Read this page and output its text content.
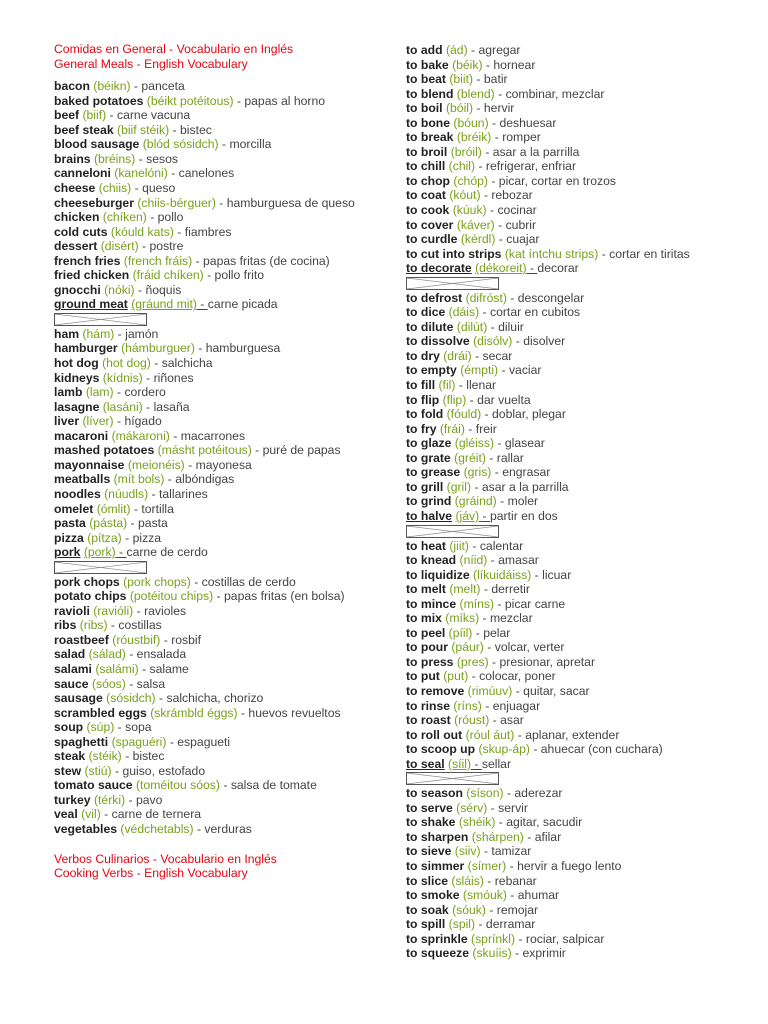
Comidas en General - Vocabulario en Inglés
General Meals - English Vocabulary
bacon (béikn) - panceta
baked potatoes (béikt potéitous) - papas al horno
beef (biif) - carne vacuna
beef steak (biif stéik) - bistec
blood sausage (blód sósidch) - morcilla
brains (bréins) - sesos
canneloni (kanelóni) - canelones
cheese (chiis) - queso
cheeseburger (chiis-bérguer) - hamburguesa de queso
chicken (chíken) - pollo
cold cuts (kóuld kats) - fiambres
dessert (disért) - postre
french fries (french fráis) - papas fritas (de cocina)
fried chicken (fráid chíken) - pollo frito
gnocchi (nóki) - ñoquis
ground meat (gráund mit) - carne picada
ham (hám) - jamón
hamburger (hámburguer) - hamburguesa
hot dog (hot dog) - salchicha
kidneys (kídnis) - riñones
lamb (lam) - cordero
lasagne (lasáni) - lasaña
liver (líver) - hígado
macaroni (mákaroni) - macarrones
mashed potatoes (másht potéitous) - puré de papas
mayonnaise (meionéis) - mayonesa
meatballs (mít bols) - albóndigas
noodles (núudls) - tallarines
omelet (ómlit) - tortilla
pasta (pásta) - pasta
pizza (pítza) - pizza
pork (pork) - carne de cerdo
pork chops (pork chops) - costillas de cerdo
potato chips (potéitou chips) - papas fritas (en bolsa)
ravioli (ravióli) - ravioles
ribs (ribs) - costillas
roastbeef (róustbif) - rosbif
salad (sálad) - ensalada
salami (salámi) - salame
sauce (sóos) - salsa
sausage (sósidch) - salchicha, chorizo
scrambled eggs (skrámbld éggs) - huevos revueltos
soup (súp) - sopa
spaghetti (spaguéri) - espagueti
steak (stéik) - bistec
stew (stiú) - guiso, estofado
tomato sauce (toméitou sóos) - salsa de tomate
turkey (térki) - pavo
veal (vil) - carne de ternera
vegetables (védchetabls) - verduras
Verbos Culinarios - Vocabulario en Inglés
Cooking Verbs - English Vocabulary
to add (ád) - agregar
to bake (béik) - hornear
to beat (biit) - batir
to blend (blend) - combinar, mezclar
to boil (bóil) - hervir
to bone (bóun) - deshuesar
to break (bréik) - romper
to broil (bróil) - asar a la parrilla
to chill (chil) - refrigerar, enfriar
to chop (chóp) - picar, cortar en trozos
to coat (kóut) - rebozar
to cook (kúuk) - cocinar
to cover (káver) - cubrir
to curdle (kérdl) - cuajar
to cut into strips (kat íntchu strips) - cortar en tiritas
to decorate (dékoreit) - decorar
to defrost (difróst) - descongelar
to dice (dáis) - cortar en cubitos
to dilute (dilút) - diluir
to dissolve (disólv) - disolver
to dry (drái) - secar
to empty (émpti) - vaciar
to fill (fil) - llenar
to flip (flip) - dar vuelta
to fold (fóuld) - doblar, plegar
to fry (frái) - freir
to glaze (gléiss) - glasear
to grate (gréit) - rallar
to grease (gris) - engrasar
to grill (gril) - asar a la parrilla
to grind (gráind) - moler
to halve (jáv) - partir en dos
to heat (jiit) - calentar
to knead (níid) - amasar
to liquidize (líkuidáiss) - licuar
to melt (melt) - derretir
to mince (míns) - picar carne
to mix (míks) - mezclar
to peel (píil) - pelar
to pour (páur) - volcar, verter
to press (pres) - presionar, apretar
to put (put) - colocar, poner
to remove (rimúuv) - quitar, sacar
to rinse (ríns) - enjuagar
to roast (róust) - asar
to roll out (róul áut) - aplanar, extender
to scoop up (skup-áp) - ahuecar (con cuchara)
to seal (síil) - sellar
to season (síson) - aderezar
to serve (sérv) - servir
to shake (shéik) - agitar, sacudir
to sharpen (shárpen) - afilar
to sieve (siiv) - tamizar
to simmer (símer) - hervir a fuego lento
to slice (sláis) - rebanar
to smoke (smóuk) - ahumar
to soak (sóuk) - remojar
to spill (spil) - derramar
to sprinkle (sprínkl) - rociar, salpicar
to squeeze (skuíis) - exprimir
